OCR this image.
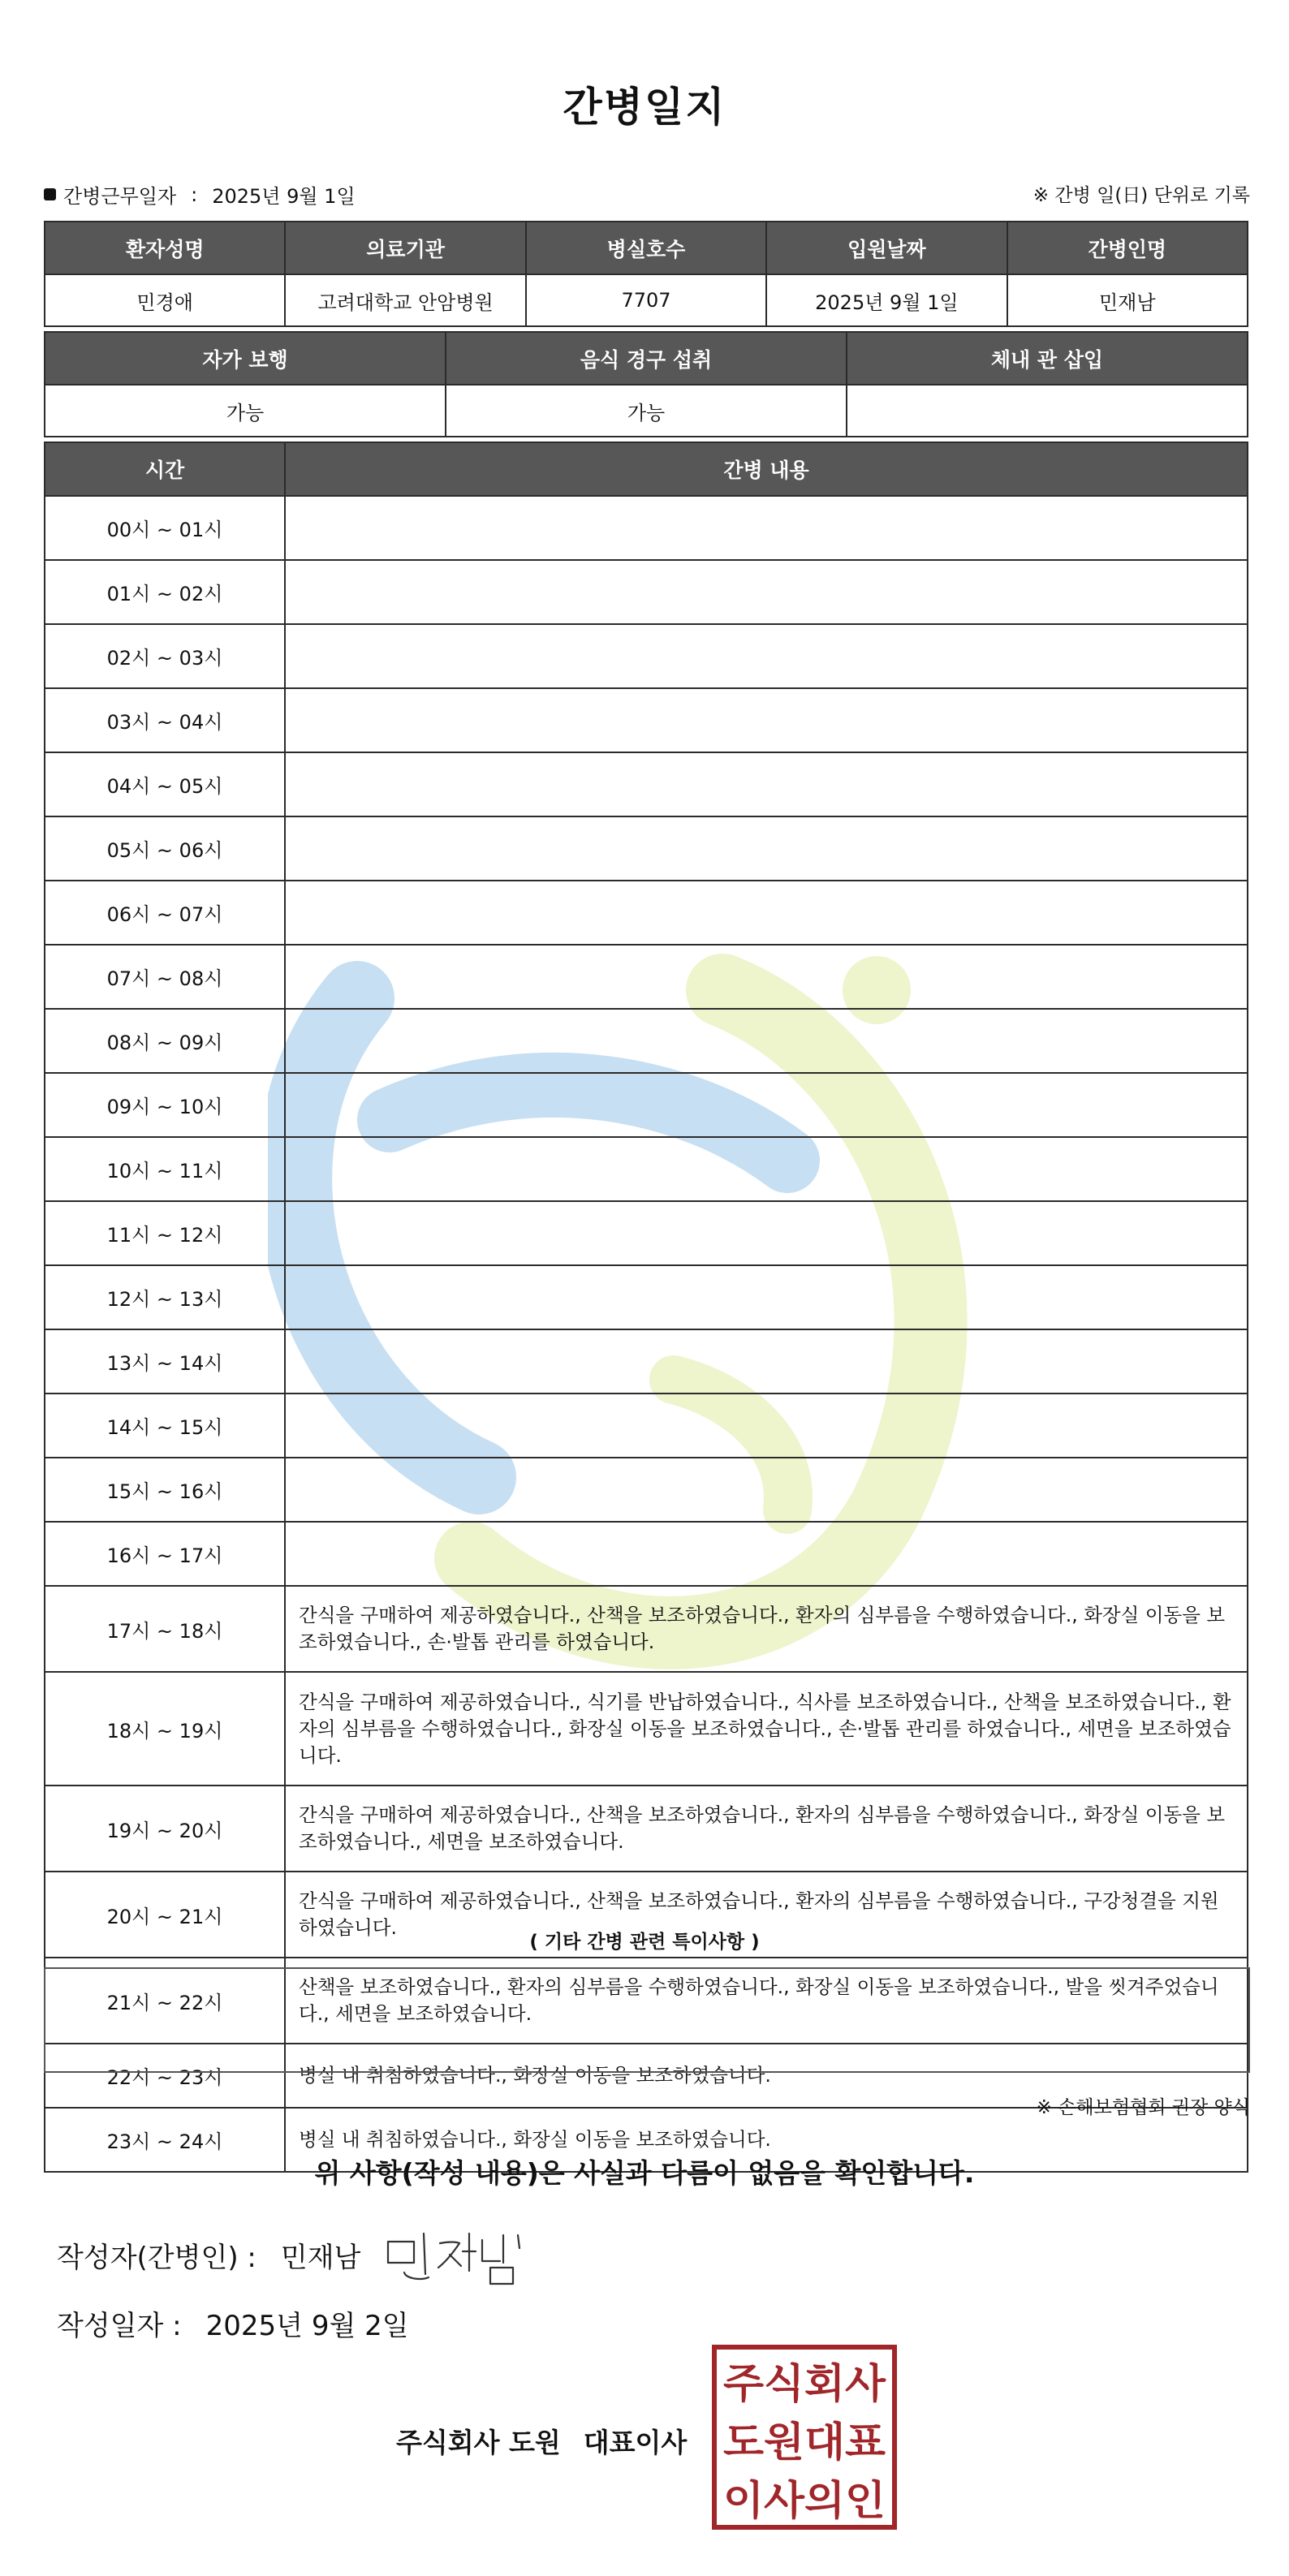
간병일지
간병근무일자 : 2025년 9월 1일	※ 간병 일(日) 단위로 기록
환자성명	의료기관	병실호수	입원날짜	간병인명
민경애	고려대학교 안암병원	7707	2025년 9월 1일	민재남
자가 보행	음식 경구 섭취	체내 관 삽입
가능	가능	
시간	간병 내용
00시 ~ 01시	
01시 ~ 02시	
02시 ~ 03시	
03시 ~ 04시	
04시 ~ 05시	
05시 ~ 06시	
06시 ~ 07시	
07시 ~ 08시	
08시 ~ 09시	
09시 ~ 10시	
10시 ~ 11시	
11시 ~ 12시	
12시 ~ 13시	
13시 ~ 14시	
14시 ~ 15시	
15시 ~ 16시	
16시 ~ 17시	
17시 ~ 18시	간식을 구매하여 제공하였습니다., 산책을 보조하였습니다., 환자의 심부름을 수행하였습니다., 화장실 이동을 보조하였습니다., 손·발톱 관리를 하였습니다.
18시 ~ 19시	간식을 구매하여 제공하였습니다., 식기를 반납하였습니다., 식사를 보조하였습니다., 산책을 보조하였습니다., 환자의 심부름을 수행하였습니다., 화장실 이동을 보조하였습니다., 손·발톱 관리를 하였습니다., 세면을 보조하였습니다.
19시 ~ 20시	간식을 구매하여 제공하였습니다., 산책을 보조하였습니다., 환자의 심부름을 수행하였습니다., 화장실 이동을 보조하였습니다., 세면을 보조하였습니다.
20시 ~ 21시	간식을 구매하여 제공하였습니다., 산책을 보조하였습니다., 환자의 심부름을 수행하였습니다., 구강청결을 지원하였습니다.
21시 ~ 22시	산책을 보조하였습니다., 환자의 심부름을 수행하였습니다., 화장실 이동을 보조하였습니다., 발을 씻겨주었습니다., 세면을 보조하였습니다.
22시 ~ 23시	병실 내 취침하였습니다., 화장실 이동을 보조하였습니다.
23시 ~ 24시	병실 내 취침하였습니다., 화장실 이동을 보조하였습니다.
( 기타 간병 관련 특이사항 )
※ 손해보험협회 권장 양식
위 사항(작성 내용)은 사실과 다름이 없음을 확인합니다.
작성자(간병인) : 민재남
작성일자 : 2025년 9월 2일
주식회사 도원 대표이사
주식회사
도원대표
이사의인
